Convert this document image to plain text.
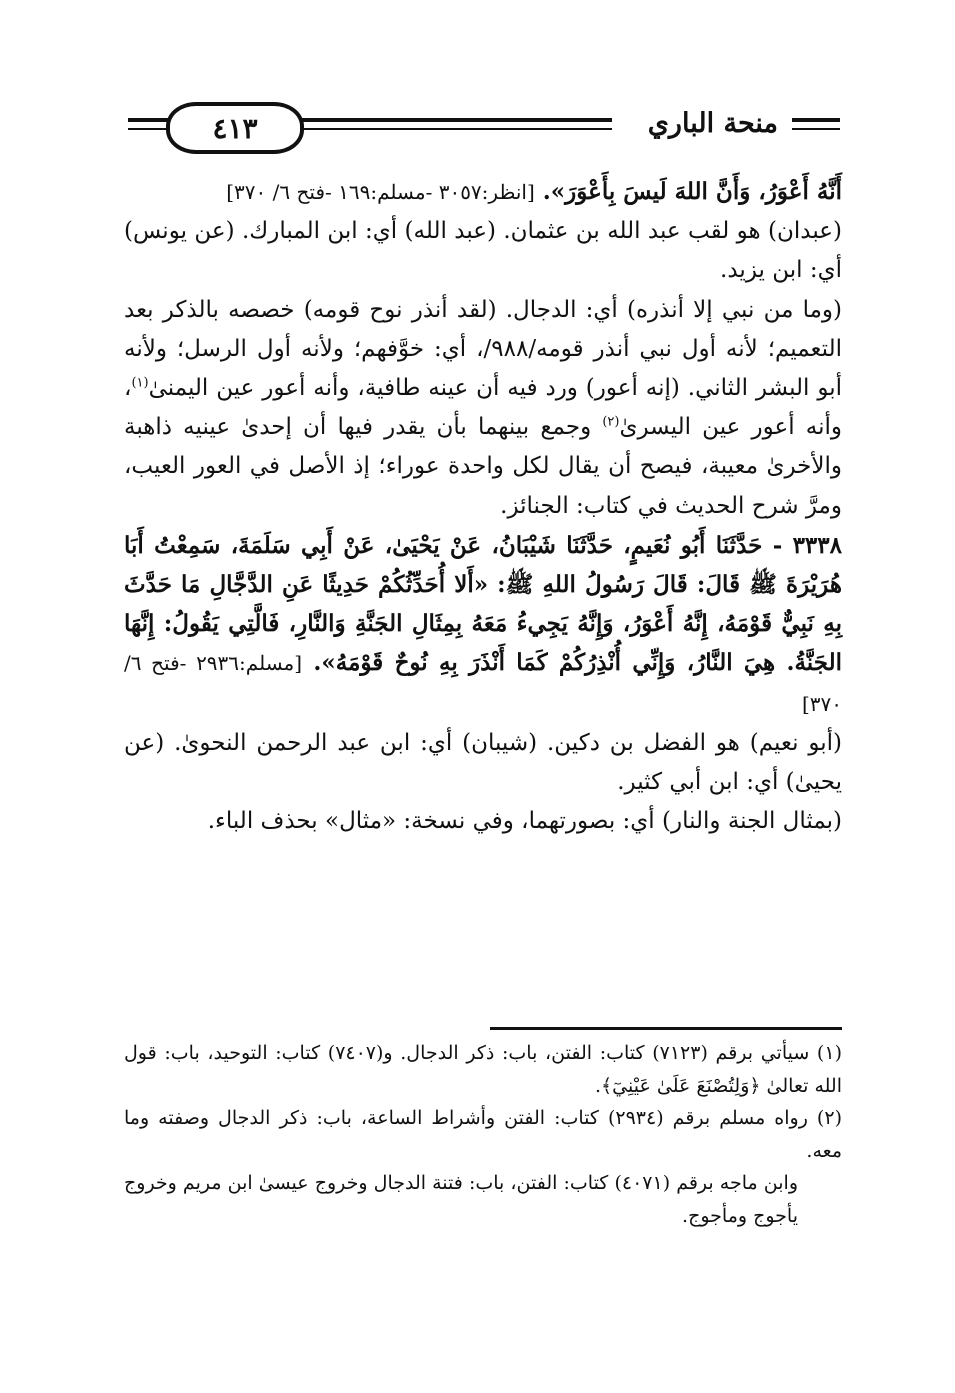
٤١٣	منحة الباري

أَنَّهُ أَعْوَرُ، وَأَنَّ اللهَ لَيسَ بِأَعْوَرَ». [انظر:٣٠٥٧ -مسلم:١٦٩ -فتح ٦/ ٣٧٠]

(عبدان) هو لقب عبد الله بن عثمان. (عبد الله) أي: ابن المبارك. (عن يونس) أي: ابن يزيد.

(وما من نبي إلا أنذره) أي: الدجال. (لقد أنذر نوح قومه) خصصه بالذكر بعد التعميم؛ لأنه أول نبي أنذر قومه/٩٨٨/، أي: خوَّفهم؛ ولأنه أول الرسل؛ ولأنه أبو البشر الثاني. (إنه أعور) ورد فيه أن عينه طافية، وأنه أعور عين اليمنىٰ$^{(١)}$، وأنه أعور عين اليسرىٰ$^{(٢)}$ وجمع بينهما بأن يقدر فيها أن إحدىٰ عينيه ذاهبة والأخرىٰ معيبة، فيصح أن يقال لكل واحدة عوراء؛ إذ الأصل في العور العيب، ومرَّ شرح الحديث في كتاب: الجنائز.

٣٣٣٨ - حَدَّثَنَا أَبُو نُعَيمٍ، حَدَّثَنَا شَيْبَانُ، عَنْ يَحْيَىٰ، عَنْ أَبِي سَلَمَةَ، سَمِعْتُ أَبَا هُرَيْرَةَ ﷺ قَالَ: قَالَ رَسُولُ اللهِ ﷺ: «أَلا أُحَدِّثُكُمْ حَدِيثًا عَنِ الدَّجَّالِ مَا حَدَّثَ بِهِ نَبِيٌّ قَوْمَهُ، إِنَّهُ أَعْوَرُ، وَإِنَّهُ يَجِيءُ مَعَهُ بِمِثَالِ الجَنَّةِ وَالنَّارِ، فَالَّتِي يَقُولُ: إِنَّهَا الجَنَّةُ. هِيَ النَّارُ، وَإِنِّي أُنْذِرُكُمْ كَمَا أَنْذَرَ بِهِ نُوحٌ قَوْمَهُ». [مسلم:٢٩٣٦ -فتح ٦/ ٣٧٠]

(أبو نعيم) هو الفضل بن دكين. (شيبان) أي: ابن عبد الرحمن النحوىٰ. (عن يحيىٰ) أي: ابن أبي كثير.

(بمثال الجنة والنار) أي: بصورتهما، وفي نسخة: «مثال» بحذف الباء.

(١) سيأتي برقم (٧١٢٣) كتاب: الفتن، باب: ذكر الدجال. و(٧٤٠٧) كتاب: التوحيد، باب: قول الله تعالىٰ ﴿وَلِتُصْنَعَ عَلَىٰ عَيْنِيٓ﴾.

(٢) رواه مسلم برقم (٢٩٣٤) كتاب: الفتن وأشراط الساعة، باب: ذكر الدجال وصفته وما معه.

وابن ماجه برقم (٤٠٧١) كتاب: الفتن، باب: فتنة الدجال وخروج عيسىٰ ابن مريم وخروج يأجوج ومأجوج.
